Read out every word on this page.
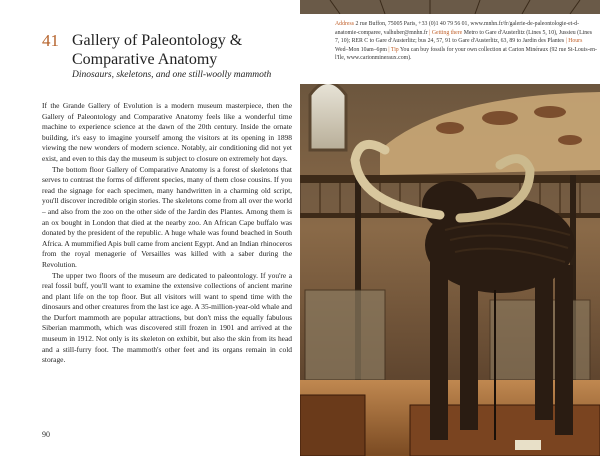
41 Gallery of Paleontology & Comparative Anatomy
Dinosaurs, skeletons, and one still-woolly mammoth

If the Grande Gallery of Evolution is a modern museum masterpiece, then the Gallery of Paleontology and Comparative Anatomy feels like a wonderful time machine to experience science at the dawn of the 20th century. Inside the ornate building, it's easy to imagine yourself among the visitors at its opening in 1898 viewing the new wonders of modern science. Notably, air conditioning did not yet exist, and even to this day the museum is subject to closure on extremely hot days.

The bottom floor Gallery of Comparative Anatomy is a forest of skeletons that serves to contrast the forms of different species, many of them close cousins. If you read the signage for each specimen, many handwritten in a charming old script, you'll discover incredible origin stories. The skeletons come from all over the world – and also from the zoo on the other side of the Jardin des Plantes. Among them is an ox bought in London that died at the nearby zoo. An African Cape buffalo was donated by the president of the republic. A huge whale was found beached in South Africa. A mummified Apis bull came from ancient Egypt. And an Indian rhinoceros from the royal menagerie of Versailles was killed with a saber during the Revolution.

The upper two floors of the museum are dedicated to paleontology. If you're a real fossil buff, you'll want to examine the extensive collections of ancient marine and plant life on the top floor. But all visitors will want to spend time with the dinosaurs and other creatures from the last ice age. A 35-million-year-old whale and the Durfort mammoth are popular attractions, but don't miss the equally fabulous Siberian mammoth, which was discovered still frozen in 1901 and arrived at the museum in 1912. Not only is its skeleton on exhibit, but also the skin from its head and a still-furry foot. The mammoth's other feet and its organs remain in cold storage.

90
Address 2 rue Buffon, 75005 Paris, +33 (0)1 40 79 56 01, www.mnhn.fr/fr/galerie-de-paleontologie-et-d-anatomie-comparee, valhuber@mnhn.fr | Getting there Metro to Gare d'Austerlitz (Lines 5, 10), Jussieu (Lines 7, 10); RER C to Gare d'Austerlitz; bus 24, 57, 91 to Gare d'Austerlitz, 63, 89 to Jardin des Plantes | Hours Wed–Mon 10am–6pm | Tip You can buy fossils for your own collection at Carion Minéraux (92 rue St-Louis-en-l'Ile, www.carionmineraux.com).
